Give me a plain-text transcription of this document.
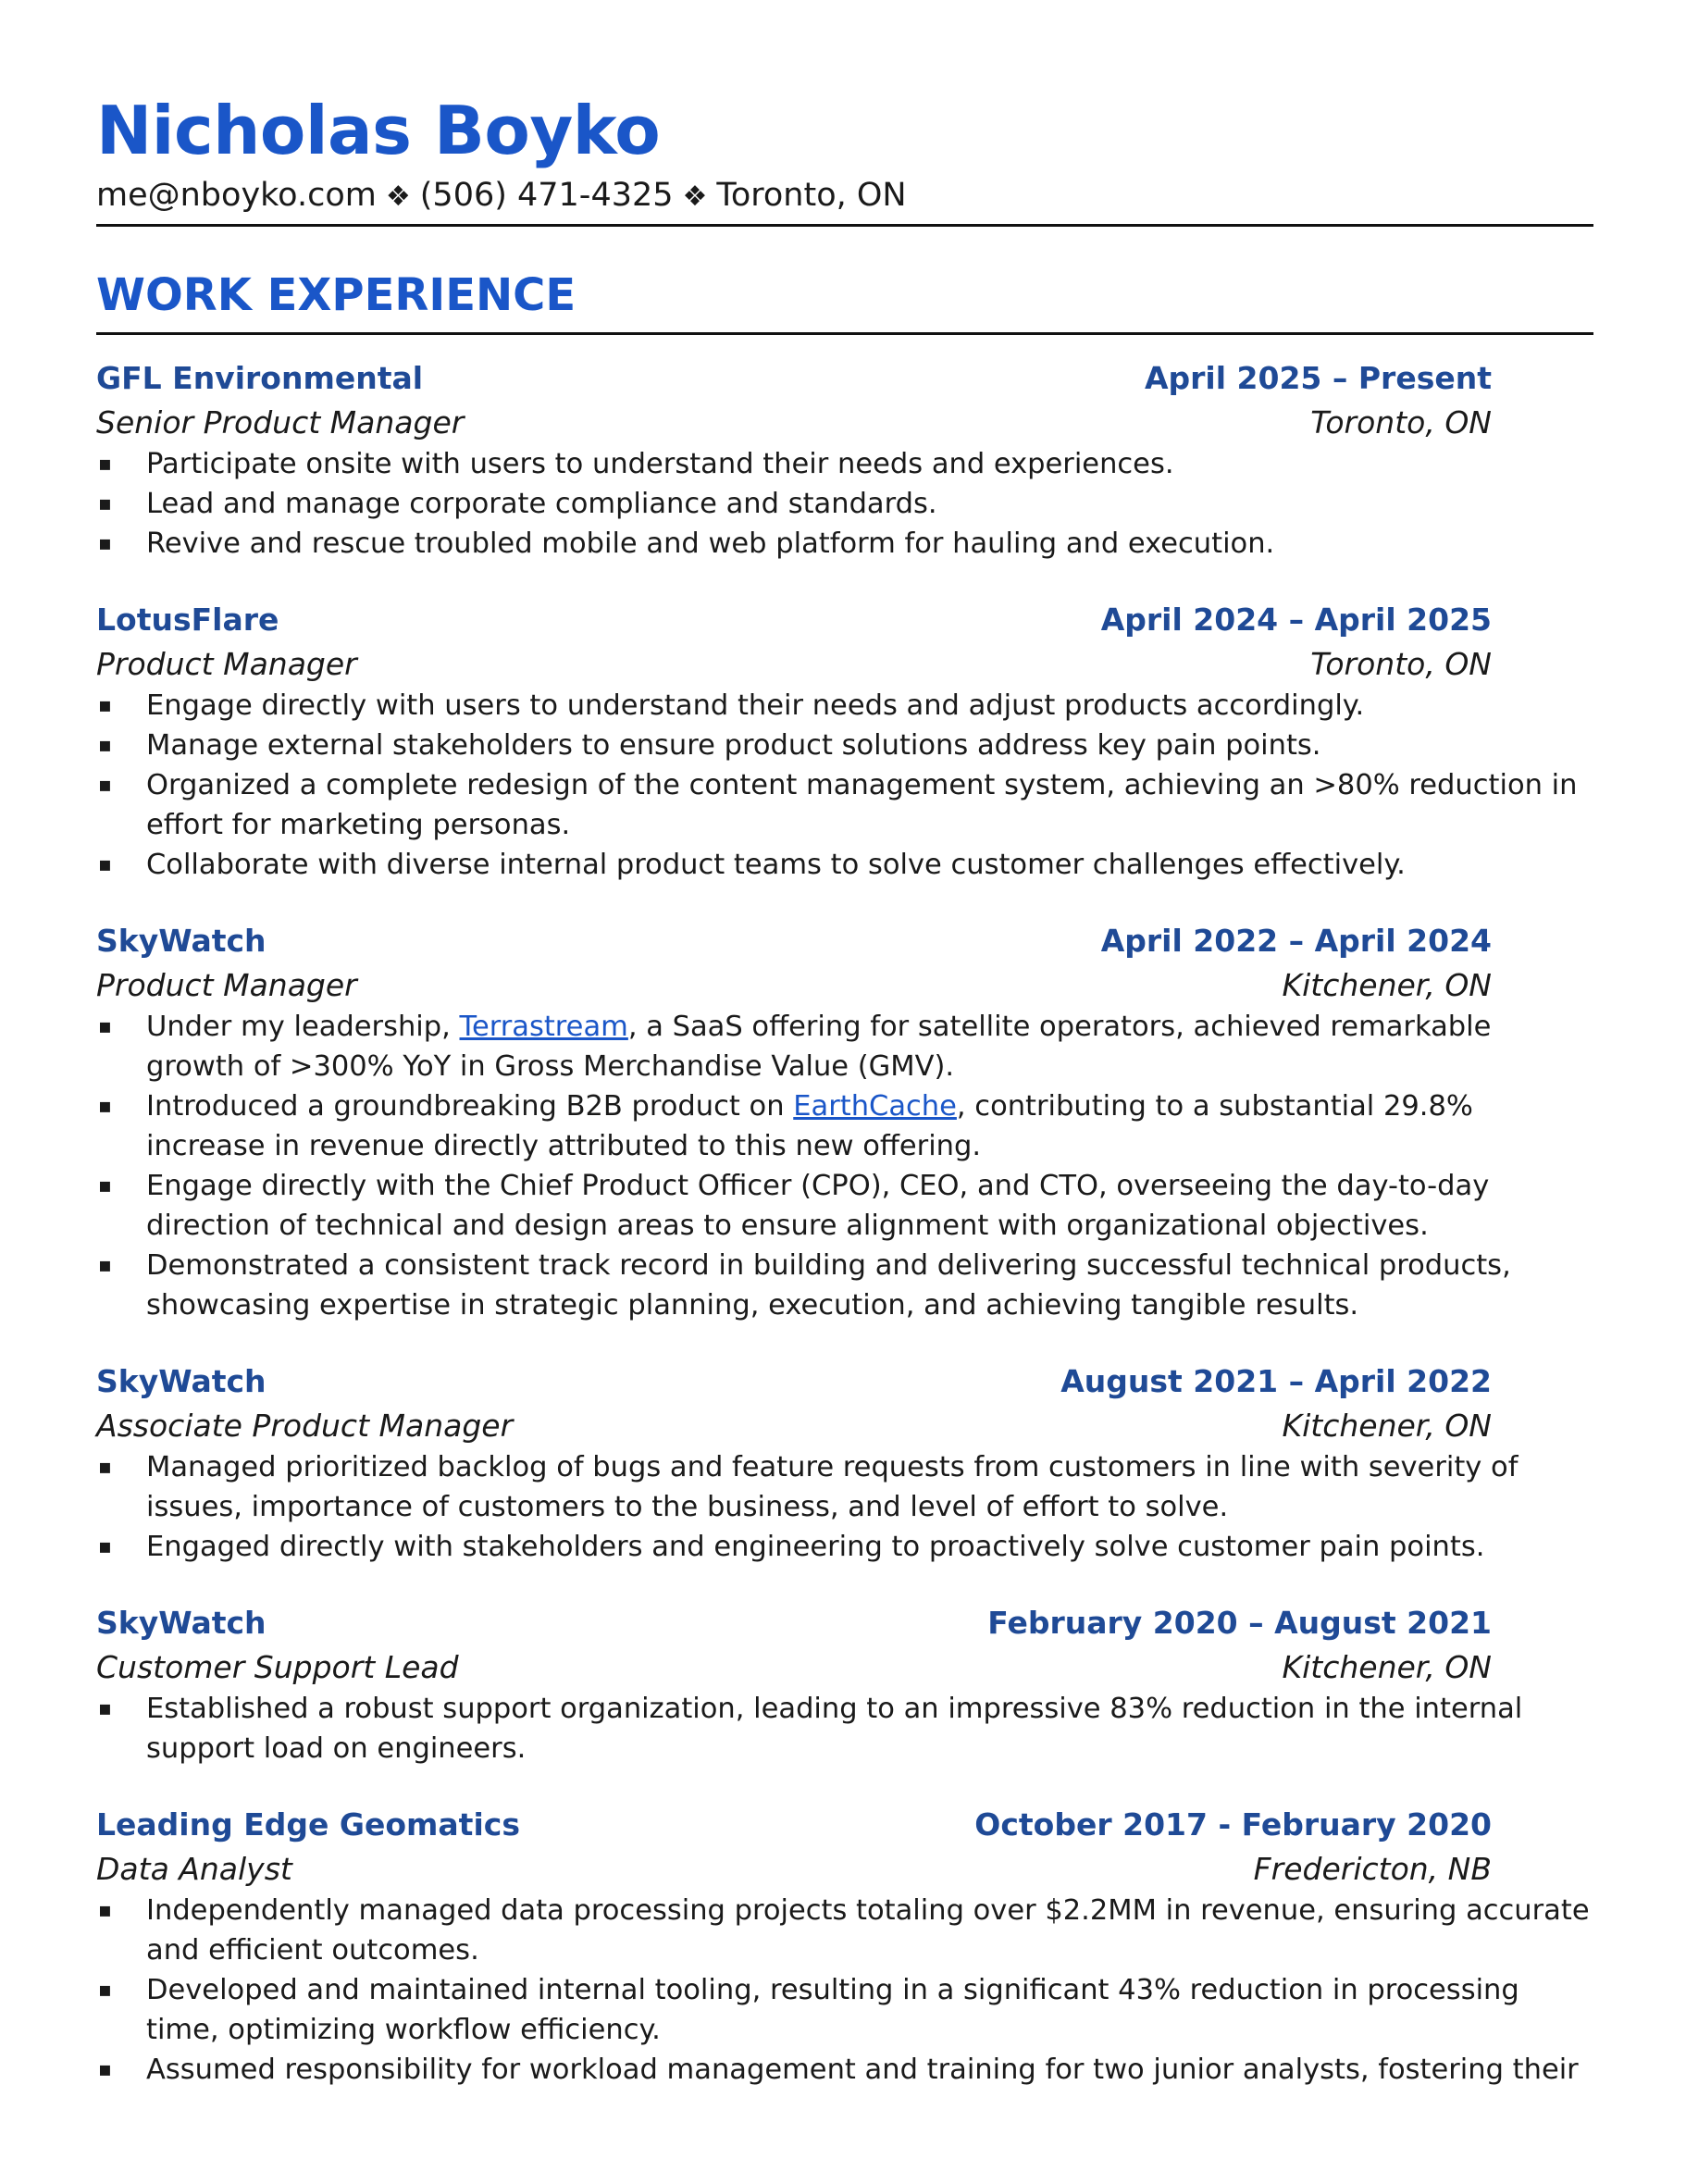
Nicholas Boyko
me@nboyko.com ❖ (506) 471-4325 ❖ Toronto, ON
WORK EXPERIENCE
GFL Environmental	April 2025 – Present
Senior Product Manager	Toronto, ON
▪ Participate onsite with users to understand their needs and experiences.
▪ Lead and manage corporate compliance and standards.
▪ Revive and rescue troubled mobile and web platform for hauling and execution.
LotusFlare	April 2024 – April 2025
Product Manager	Toronto, ON
▪ Engage directly with users to understand their needs and adjust products accordingly.
▪ Manage external stakeholders to ensure product solutions address key pain points.
▪ Organized a complete redesign of the content management system, achieving an >80% reduction in effort for marketing personas.
▪ Collaborate with diverse internal product teams to solve customer challenges effectively.
SkyWatch	April 2022 – April 2024
Product Manager	Kitchener, ON
▪ Under my leadership, Terrastream, a SaaS offering for satellite operators, achieved remarkable growth of >300% YoY in Gross Merchandise Value (GMV).
▪ Introduced a groundbreaking B2B product on EarthCache, contributing to a substantial 29.8% increase in revenue directly attributed to this new offering.
▪ Engage directly with the Chief Product Officer (CPO), CEO, and CTO, overseeing the day-to-day direction of technical and design areas to ensure alignment with organizational objectives.
▪ Demonstrated a consistent track record in building and delivering successful technical products, showcasing expertise in strategic planning, execution, and achieving tangible results.
SkyWatch	August 2021 – April 2022
Associate Product Manager	Kitchener, ON
▪ Managed prioritized backlog of bugs and feature requests from customers in line with severity of issues, importance of customers to the business, and level of effort to solve.
▪ Engaged directly with stakeholders and engineering to proactively solve customer pain points.
SkyWatch	February 2020 – August 2021
Customer Support Lead	Kitchener, ON
▪ Established a robust support organization, leading to an impressive 83% reduction in the internal support load on engineers.
Leading Edge Geomatics	October 2017 - February 2020
Data Analyst	Fredericton, NB
▪ Independently managed data processing projects totaling over $2.2MM in revenue, ensuring accurate and efficient outcomes.
▪ Developed and maintained internal tooling, resulting in a significant 43% reduction in processing time, optimizing workflow efficiency.
▪ Assumed responsibility for workload management and training for two junior analysts, fostering their
